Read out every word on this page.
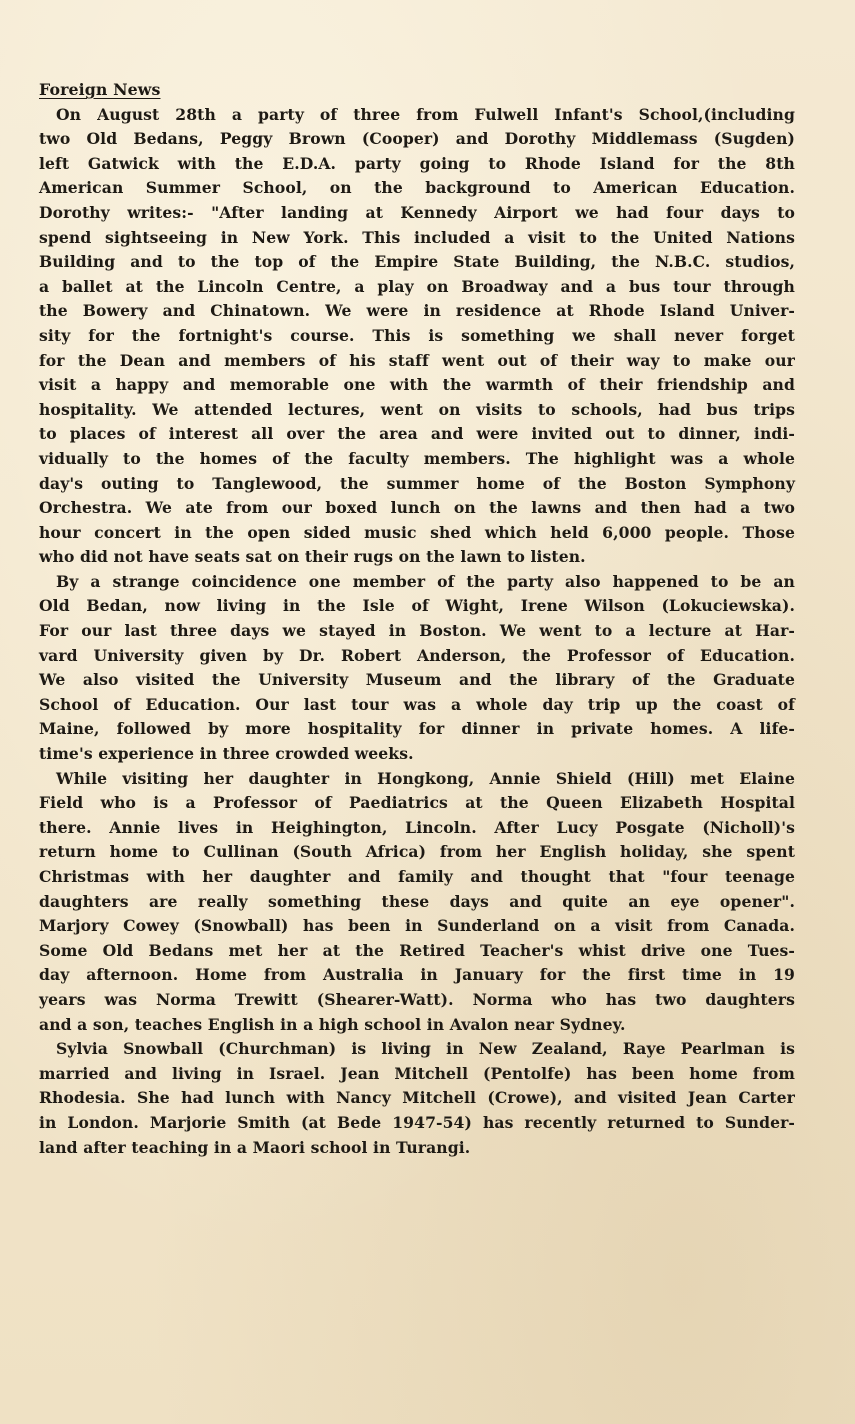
Foreign News
On August 28th a party of three from Fulwell Infant's School,(including
two Old Bedans, Peggy Brown (Cooper) and Dorothy Middlemass (Sugden)
left Gatwick with the E.D.A. party going to Rhode Island for the 8th
American Summer School, on the background to American Education.
Dorothy writes:- "After landing at Kennedy Airport we had four days to
spend sightseeing in New York. This included a visit to the United Nations
Building and to the top of the Empire State Building, the N.B.C. studios,
a ballet at the Lincoln Centre, a play on Broadway and a bus tour through
the Bowery and Chinatown. We were in residence at Rhode Island Univer-
sity for the fortnight's course. This is something we shall never forget
for the Dean and members of his staff went out of their way to make our
visit a happy and memorable one with the warmth of their friendship and
hospitality. We attended lectures, went on visits to schools, had bus trips
to places of interest all over the area and were invited out to dinner, indi-
vidually to the homes of the faculty members. The highlight was a whole
day's outing to Tanglewood, the summer home of the Boston Symphony
Orchestra. We ate from our boxed lunch on the lawns and then had a two
hour concert in the open sided music shed which held 6,000 people. Those
who did not have seats sat on their rugs on the lawn to listen.
By a strange coincidence one member of the party also happened to be an
Old Bedan, now living in the Isle of Wight, Irene Wilson (Lokuciewska).
For our last three days we stayed in Boston. We went to a lecture at Har-
vard University given by Dr. Robert Anderson, the Professor of Education.
We also visited the University Museum and the library of the Graduate
School of Education. Our last tour was a whole day trip up the coast of
Maine, followed by more hospitality for dinner in private homes. A life-
time's experience in three crowded weeks.
While visiting her daughter in Hongkong, Annie Shield (Hill) met Elaine
Field who is a Professor of Paediatrics at the Queen Elizabeth Hospital
there. Annie lives in Heighington, Lincoln. After Lucy Posgate (Nicholl)'s
return home to Cullinan (South Africa) from her English holiday, she spent
Christmas with her daughter and family and thought that "four teenage
daughters are really something these days and quite an eye opener".
Marjory Cowey (Snowball) has been in Sunderland on a visit from Canada.
Some Old Bedans met her at the Retired Teacher's whist drive one Tues-
day afternoon. Home from Australia in January for the first time in 19
years was Norma Trewitt (Shearer-Watt). Norma who has two daughters
and a son, teaches English in a high school in Avalon near Sydney.
Sylvia Snowball (Churchman) is living in New Zealand, Raye Pearlman is
married and living in Israel. Jean Mitchell (Pentolfe) has been home from
Rhodesia. She had lunch with Nancy Mitchell (Crowe), and visited Jean Carter
in London. Marjorie Smith (at Bede 1947-54) has recently returned to Sunder-
land after teaching in a Maori school in Turangi.
